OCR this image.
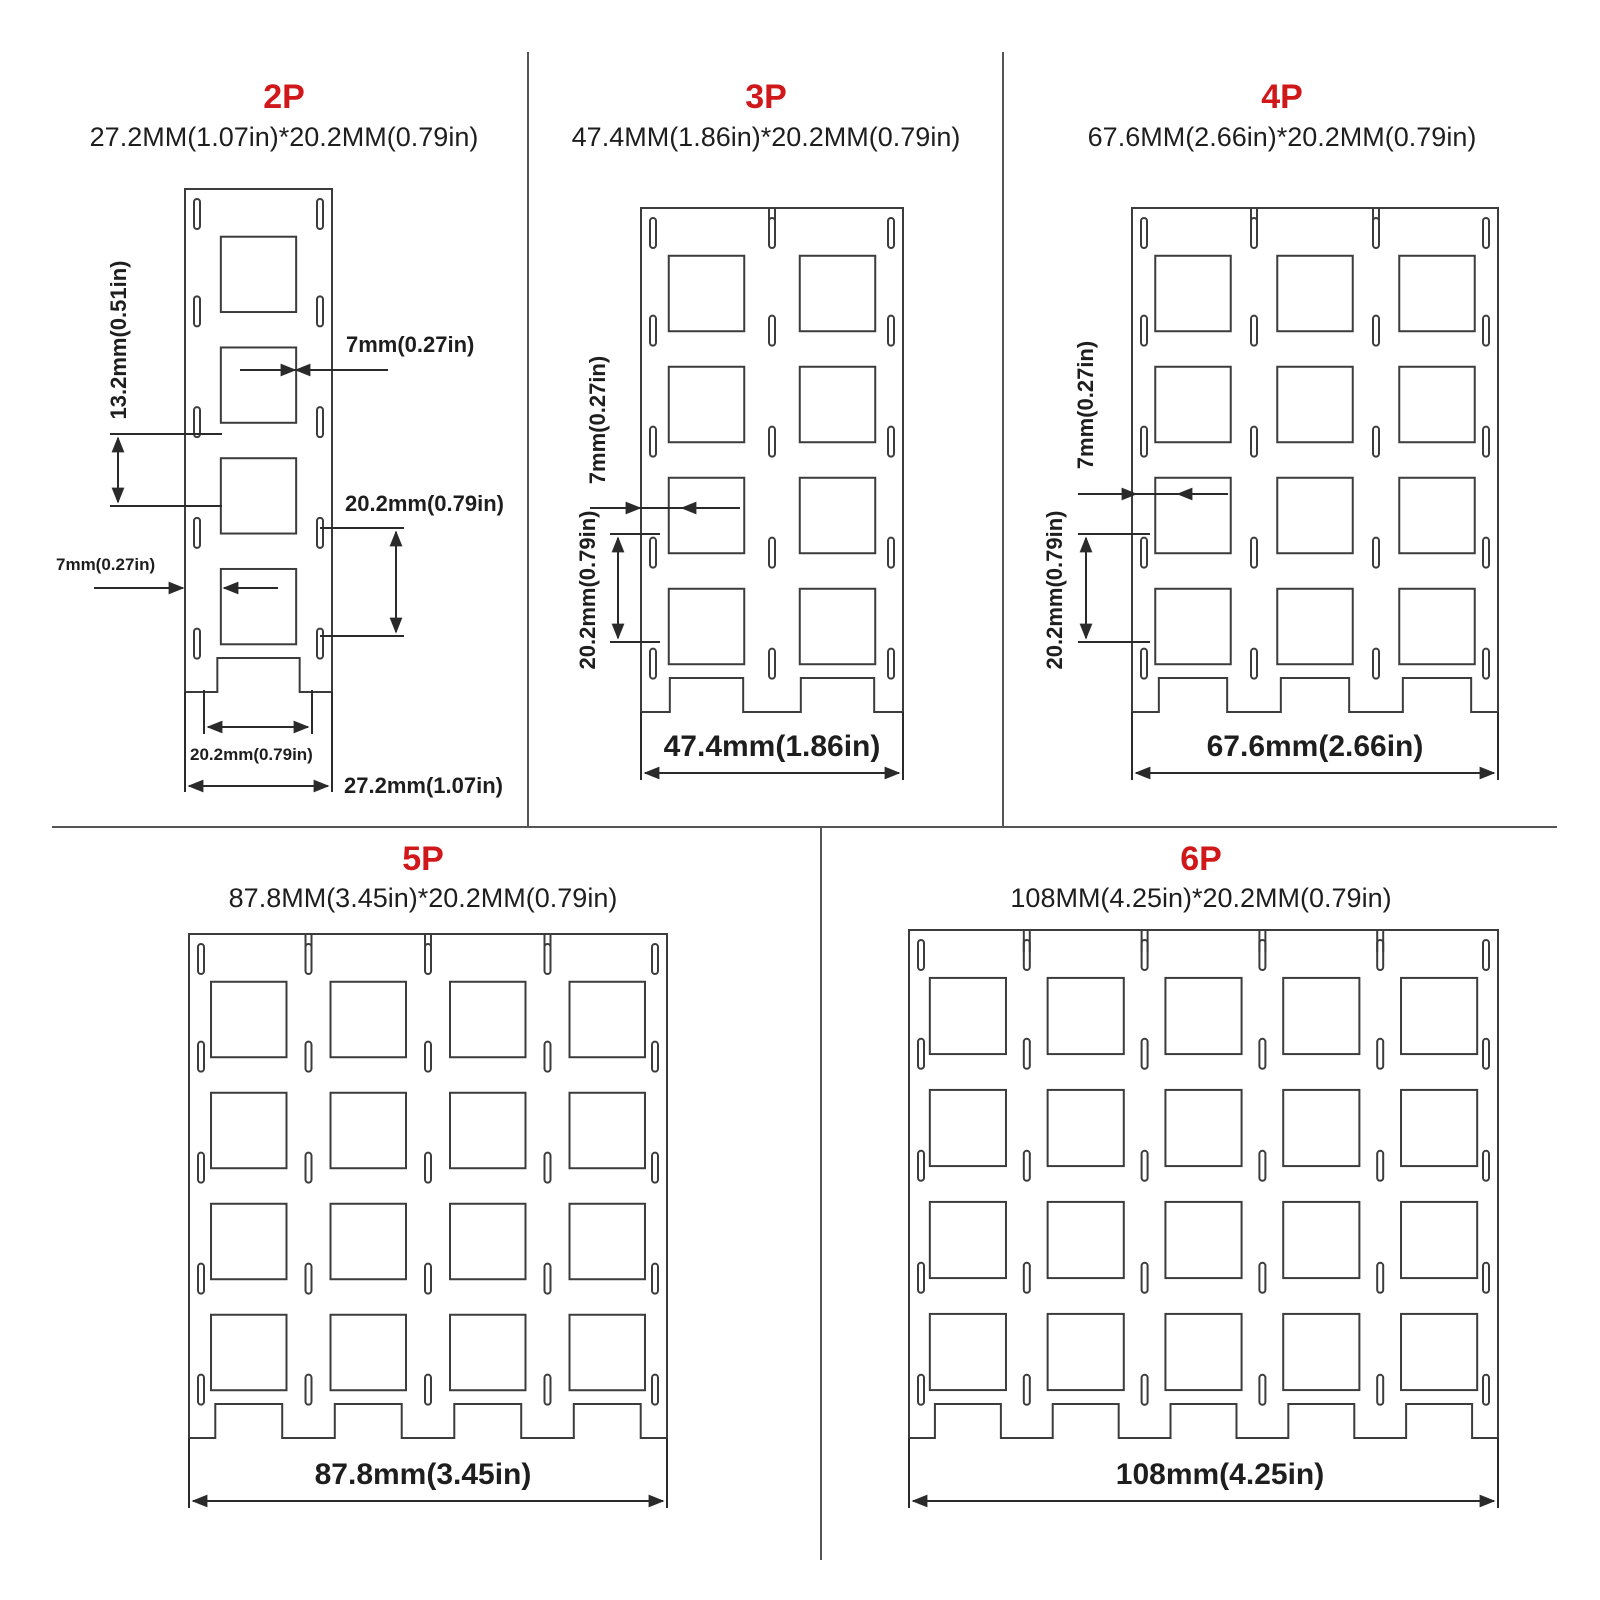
2P
27.2MM(1.07in)*20.2MM(0.79in)
3P
47.4MM(1.86in)*20.2MM(0.79in)
4P
67.6MM(2.66in)*20.2MM(0.79in)
5P
87.8MM(3.45in)*20.2MM(0.79in)
6P
108MM(4.25in)*20.2MM(0.79in)
13.2mm(0.51in)	7mm(0.27in)
7mm(0.27in)
20.2mm(0.79in)
20.2mm(0.79in)
27.2mm(1.07in)
7mm(0.27in)
20.2mm(0.79in)
47.4mm(1.86in)
7mm(0.27in)
20.2mm(0.79in)
67.6mm(2.66in)
87.8mm(3.45in)	108mm(4.25in)
